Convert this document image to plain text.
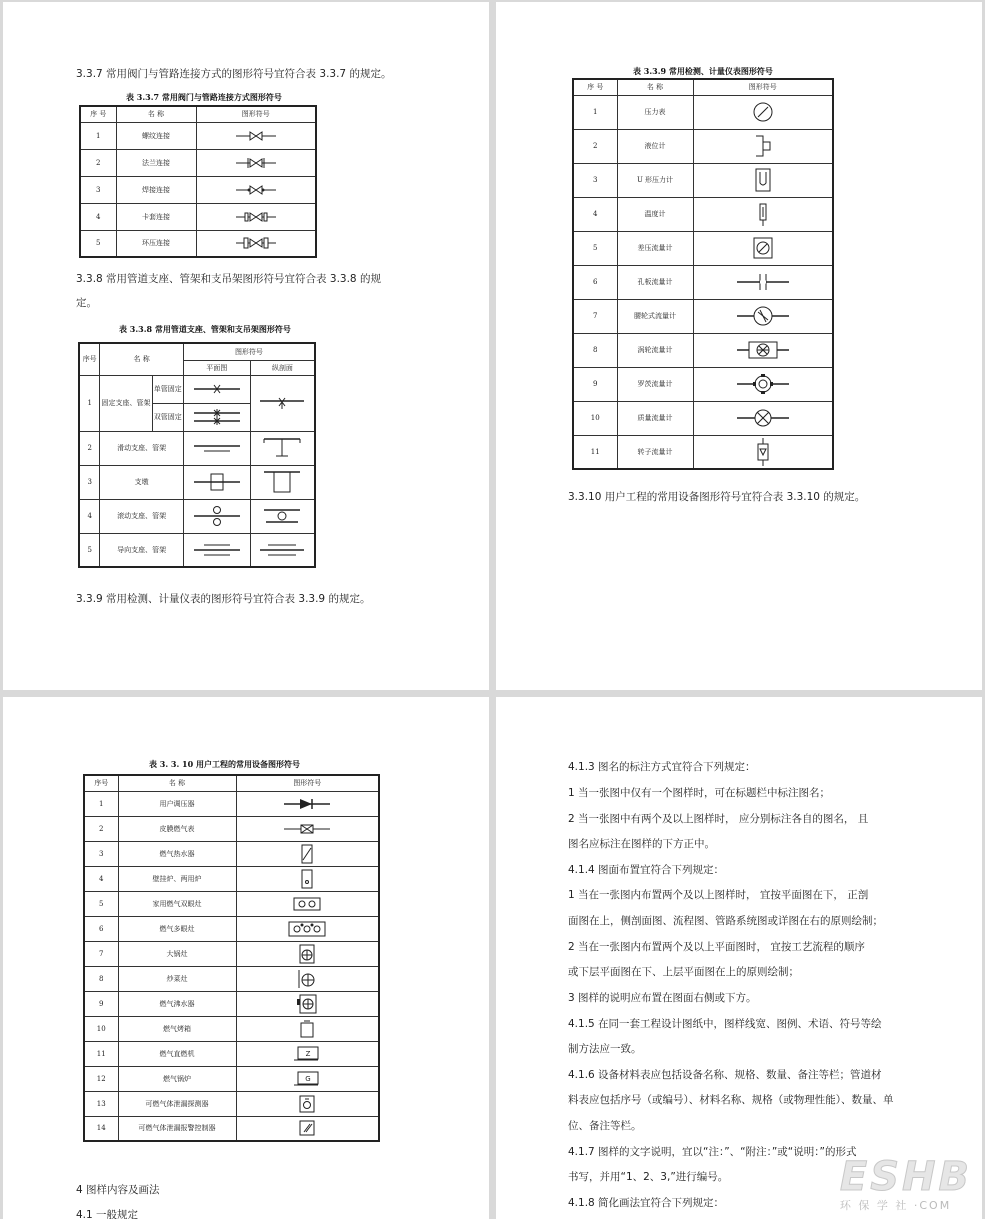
3.3.7 常用阀门与管路连接方式的图形符号宜符合表 3.3.7 的规定。
表 3.3.7 常用阀门与管路连接方式图形符号
序 号	名 称	图形符号
1	螺纹连接	

2	法兰连接	

3	焊接连接	

4	卡套连接	

5	环压连接	
3.3.8 常用管道支座、管架和支吊架图形符号宜符合表 3.3.8 的规
定。
表 3.3.8 常用管道支座、管架和支吊架图形符号
序号	名 称		图形符号	
			平面图	纵剖面
1	固定支座、管架	单管固定	

		双管固定	

2	滑动支座、管架	

3	支墩	

4	滚动支座、管架	

5	导向支座、管架	

3.3.9 常用检测、计量仪表的图形符号宜符合表 3.3.9 的规定。
表 3.3.9 常用检测、计量仪表图形符号
序 号	名 称	图形符号
1	压力表	

2	液位计	

3	U 形压力计	

4	温度计	

5	差压流量计	

6	孔板流量计	

7	腰轮式流量计	

8	涡轮流量计	

9	罗茨流量计	

10	质量流量计	

11	转子流量计	
3.3.10 用户工程的常用设备图形符号宜符合表 3.3.10 的规定。
表 3. 3. 10 用户工程的常用设备图形符号
序号	名 称	图形符号
1	用户调压器	

2	皮膜燃气表	

3	燃气热水器	

4	壁挂炉、两用炉	

5	家用燃气双眼灶	

6	燃气多眼灶	

7	大锅灶	

8	炒菜灶	

9	燃气沸水器	

10	燃气烤箱	

11	燃气直燃机	Z

12	燃气锅炉	G

13	可燃气体泄漏探测器	

14	可燃气体泄漏报警控制器	
4 图样内容及画法
4.1 一般规定
4.1.3 图名的标注方式宜符合下列规定：
1 当一张图中仅有一个图样时，可在标题栏中标注图名；
2 当一张图中有两个及以上图样时， 应分别标注各自的图名， 且
图名应标注在图样的下方正中。
4.1.4 图面布置宜符合下列规定：
1 当在一张图内布置两个及以上图样时， 宜按平面图在下， 正剖
面图在上，侧剖面图、流程图、管路系统图或详图在右的原则绘制；
2 当在一张图内布置两个及以上平面图时， 宜按工艺流程的顺序
或下层平面图在下、上层平面图在上的原则绘制；
3 图样的说明应布置在图面右侧或下方。
4.1.5 在同一套工程设计图纸中，图样线宽、图例、术语、符号等绘
制方法应一致。
4.1.6 设备材料表应包括设备名称、规格、数量、备注等栏；管道材
料表应包括序号（或编号）、材料名称、规格（或物理性能）、数量、单
位、备注等栏。
4.1.7 图样的文字说明，宜以“注：”、“附注：”或“说明：”的形式
书写，并用“1、2、3,”进行编号。
4.1.8 简化画法宜符合下列规定：
ESHB
环 保 学 社 ·COM
